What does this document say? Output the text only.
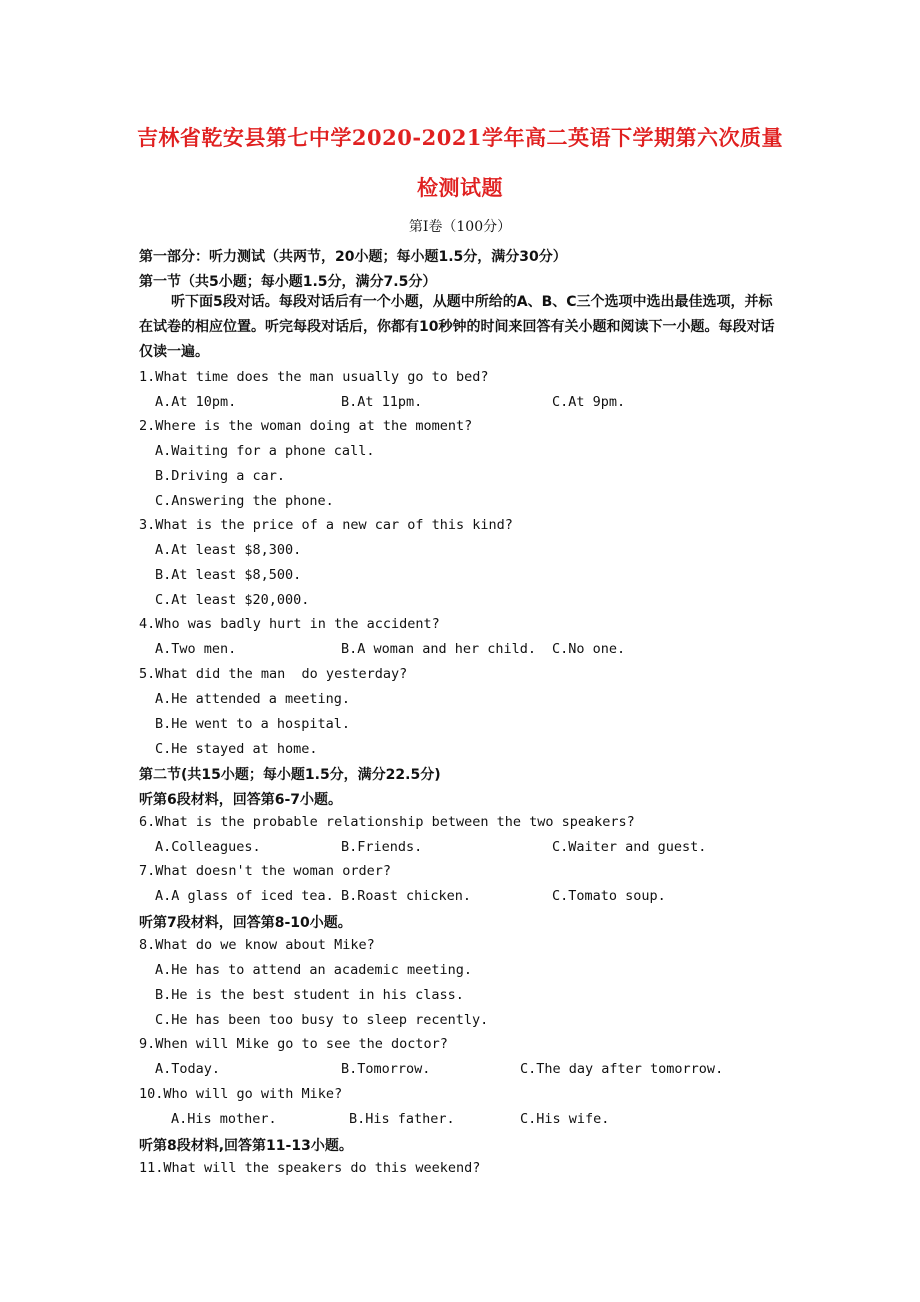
吉林省乾安县第七中学2020-2021学年高二英语下学期第六次质量
检测试题
第Ⅰ卷（100分）
第一部分：听力测试（共两节，20小题；每小题1.5分，满分30分）
第一节（共5小题；每小题1.5分，满分7.5分）
听下面5段对话。每段对话后有一个小题，从题中所给的A、B、C三个选项中选出最佳选项，并标在试卷的相应位置。听完每段对话后，你都有10秒钟的时间来回答有关小题和阅读下一小题。每段对话仅读一遍。
1.What time does the man usually go to bed?
A.At 10pm.	B.At 11pm.	C.At 9pm.
2.Where is the woman doing at the moment?
A.Waiting for a phone call.
B.Driving a car.
C.Answering the phone.
3.What is the price of a new car of this kind?
A.At least $8,300.
B.At least $8,500.
C.At least $20,000.
4.Who was badly hurt in the accident?
A.Two men.	B.A woman and her child. C.No one.
5.What did the man  do yesterday?
A.He attended a meeting.
B.He went to a hospital.
C.He stayed at home.
第二节(共15小题；每小题1.5分，满分22.5分)
听第6段材料，回答第6-7小题。
6.What is the probable relationship between the two speakers?
A.Colleagues.	B.Friends.	C.Waiter and guest.
7.What doesn't the woman order?
A.A glass of iced tea. B.Roast chicken.	C.Tomato soup.
听第7段材料，回答第8-10小题。
8.What do we know about Mike?
A.He has to attend an academic meeting.
B.He is the best student in his class.
C.He has been too busy to sleep recently.
9.When will Mike go to see the doctor?
A.Today.	B.Tomorrow.	C.The day after tomorrow.
10.Who will go with Mike?
A.His mother.	B.His father.	C.His wife.
听第8段材料,回答第11-13小题。
11.What will the speakers do this weekend?
